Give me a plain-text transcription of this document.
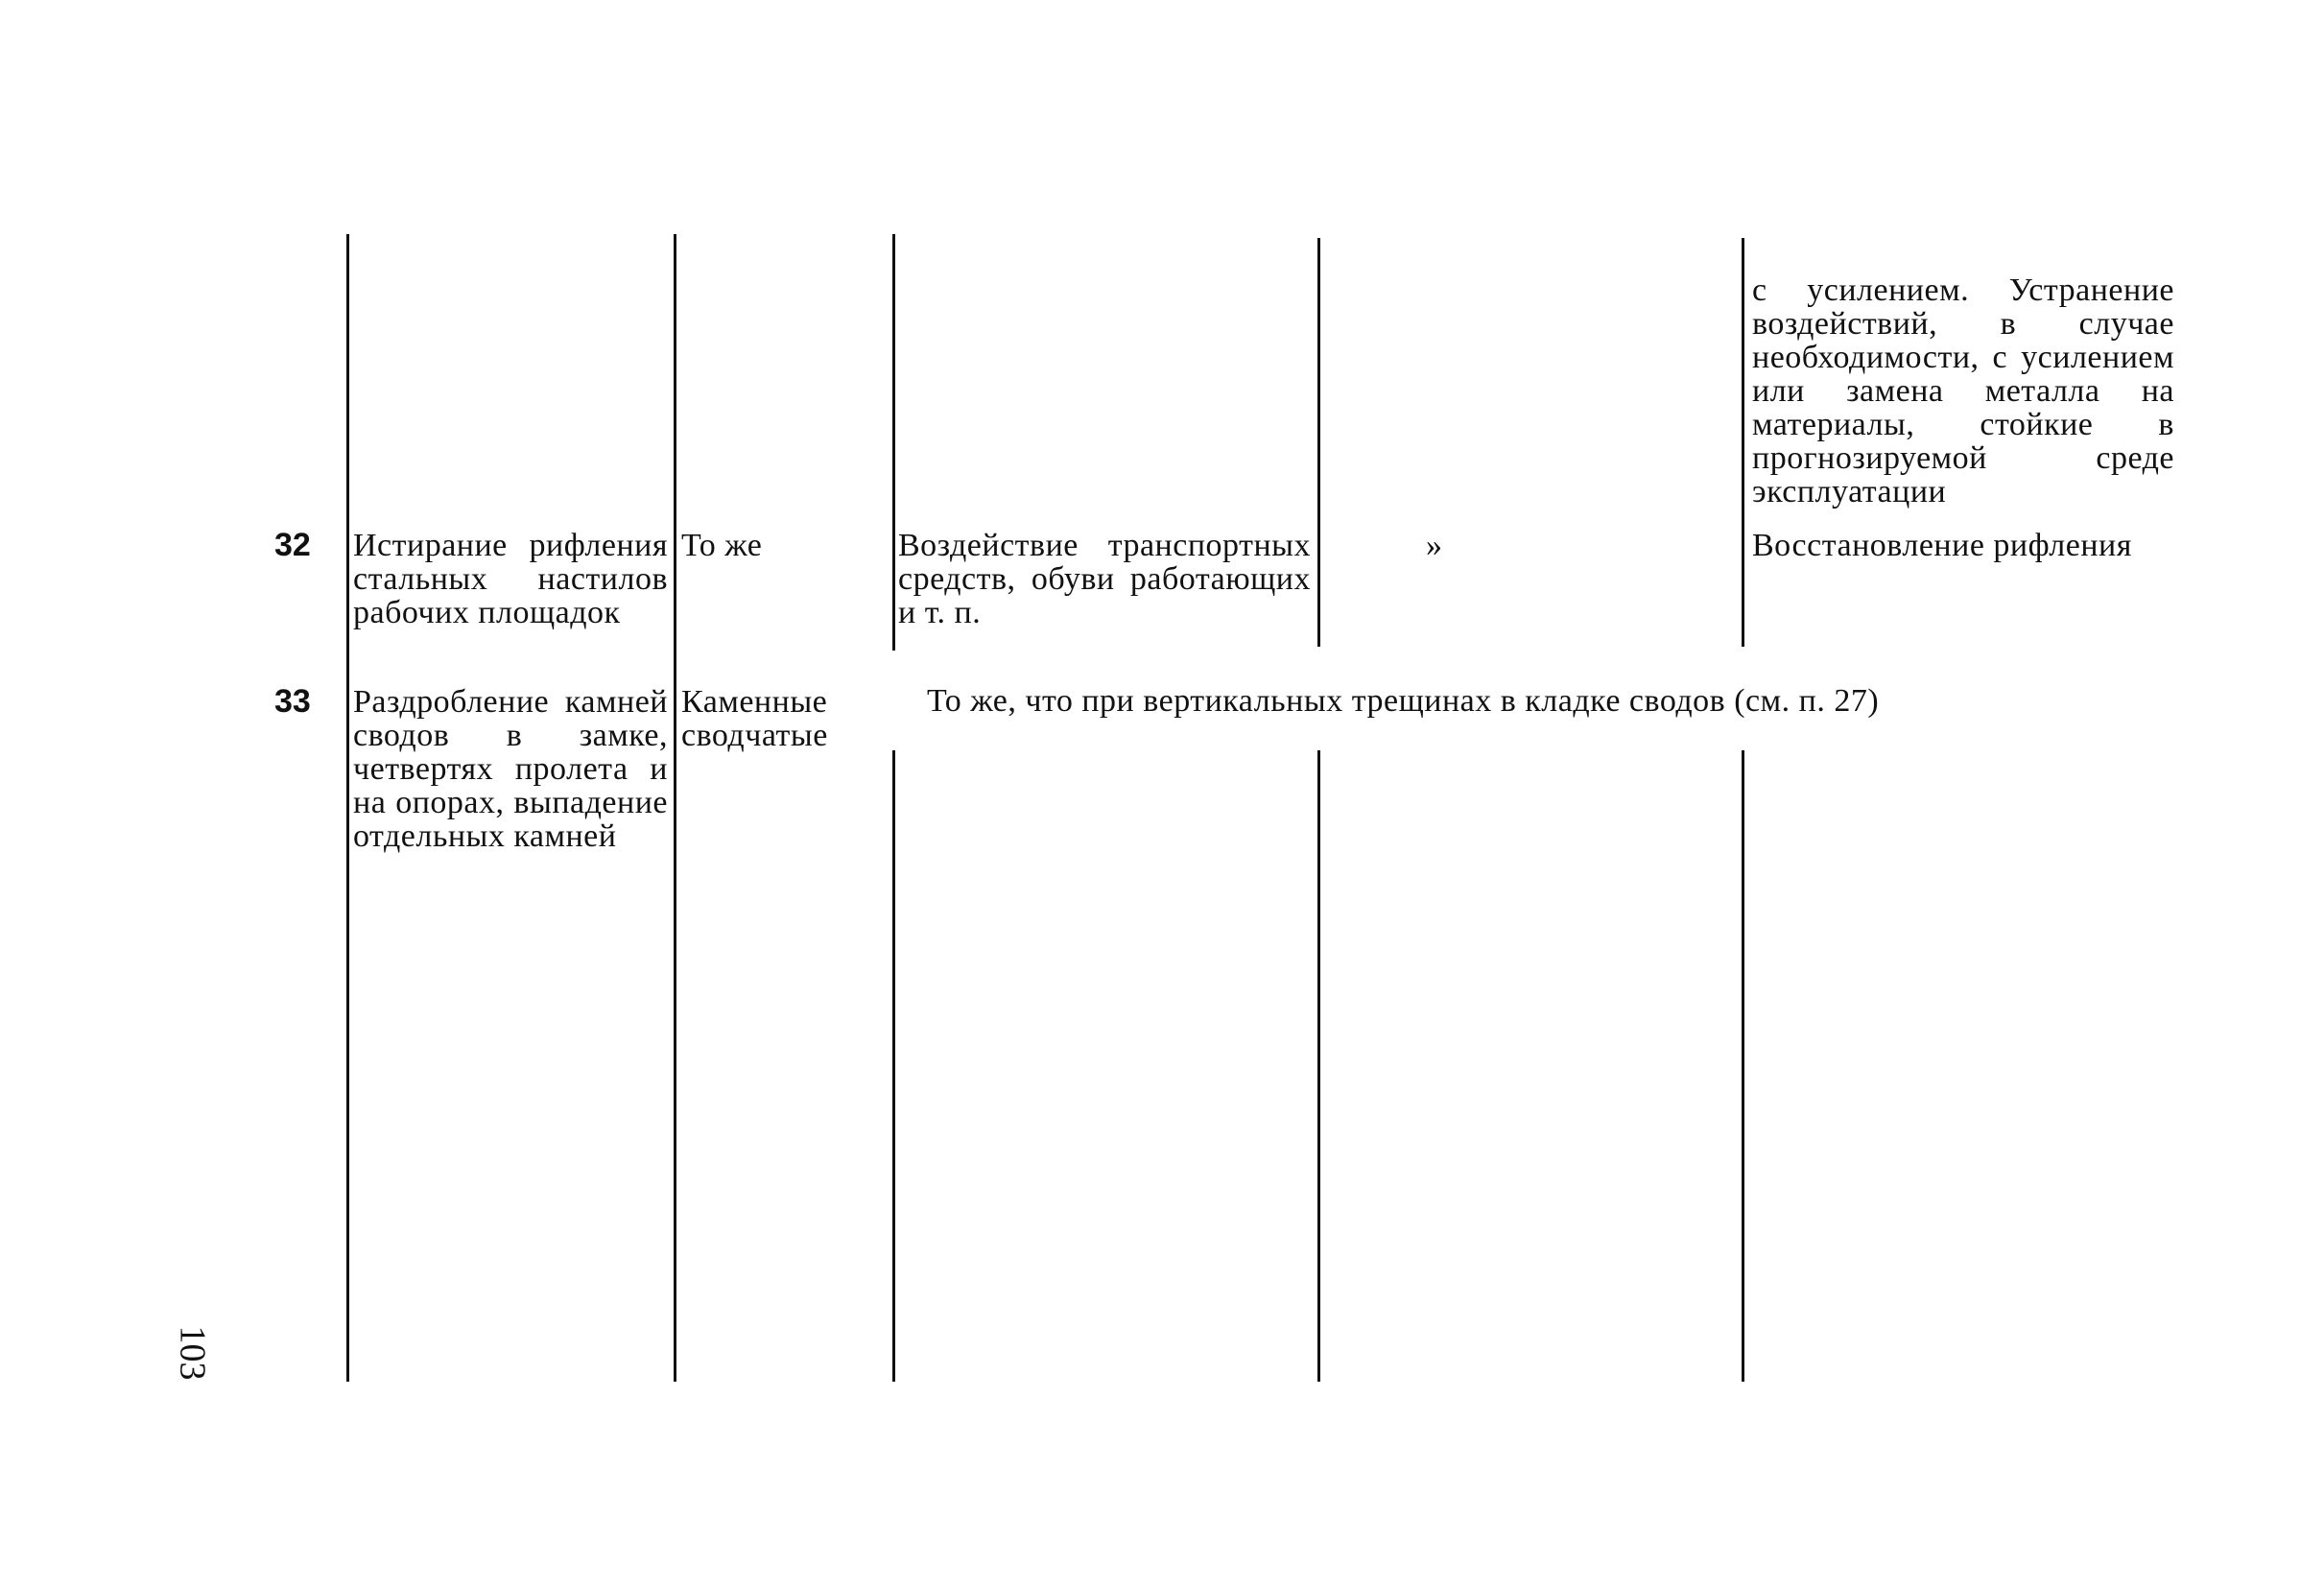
с усилением. Устранение воздействий, в случае необходимости, с усилением или замена металла на материалы, стойкие в прогнозируемой среде эксплуатации
32 Истирание рифления стальных настилов рабочих площадок
То же	Воздействие транспортных средств, обуви работающих и т. п.
»	Восстановление рифления
33 Раздробление камней сводов в замке, четвертях пролета и на опорах, выпадение отдельных камней
Каменные сводчатые
То же, что при вертикальных трещинах в кладке сводов (см. п. 27)
103
